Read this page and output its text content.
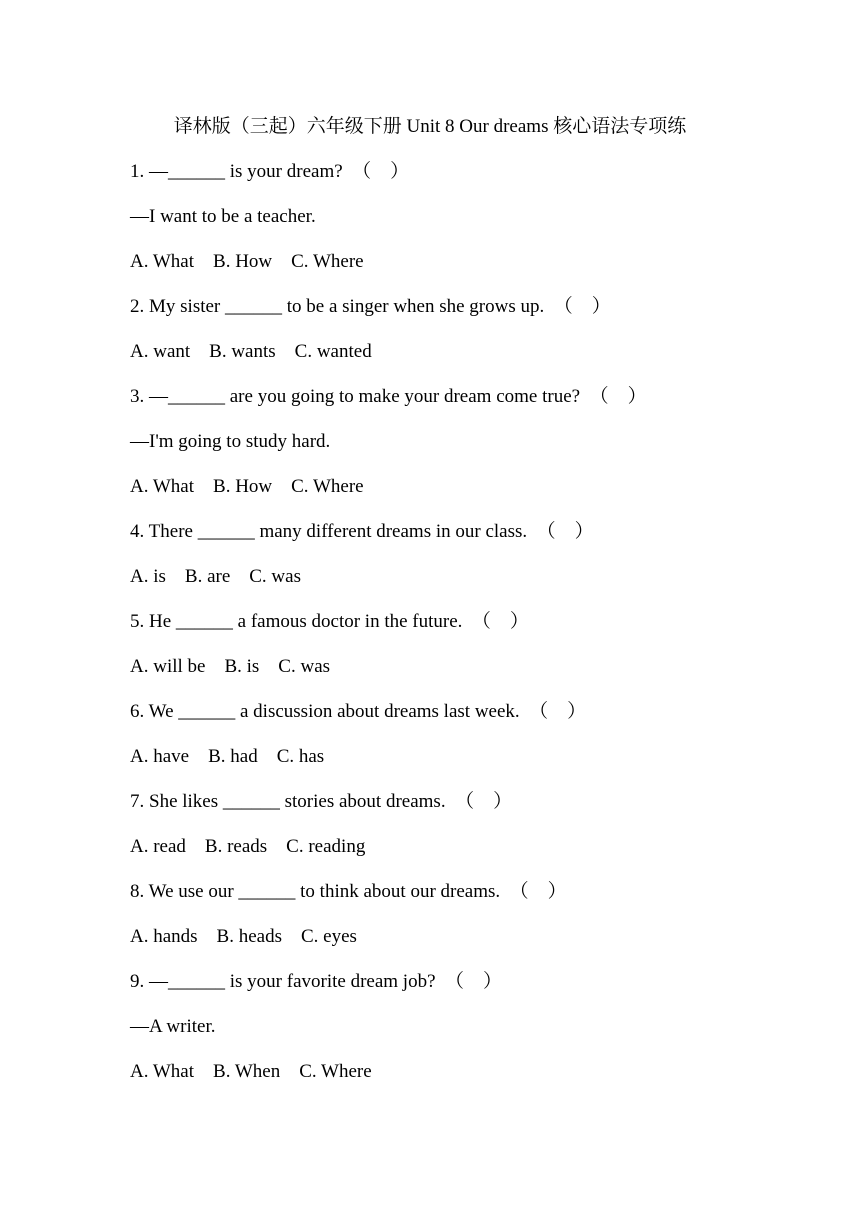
译林版（三起）六年级下册 Unit 8 Our dreams 核心语法专项练
1. —______ is your dream?  （    ）
—I want to be a teacher.
A. What    B. How    C. Where
2. My sister ______ to be a singer when she grows up.  （    ）
A. want    B. wants    C. wanted
3. —______ are you going to make your dream come true?  （    ）
—I'm going to study hard.
A. What    B. How    C. Where
4. There ______ many different dreams in our class.  （    ）
A. is    B. are    C. was
5. He ______ a famous doctor in the future.  （    ）
A. will be    B. is    C. was
6. We ______ a discussion about dreams last week.  （    ）
A. have    B. had    C. has
7. She likes ______ stories about dreams.  （    ）
A. read    B. reads    C. reading
8. We use our ______ to think about our dreams.  （    ）
A. hands    B. heads    C. eyes
9. —______ is your favorite dream job?  （    ）
—A writer.
A. What    B. When    C. Where
